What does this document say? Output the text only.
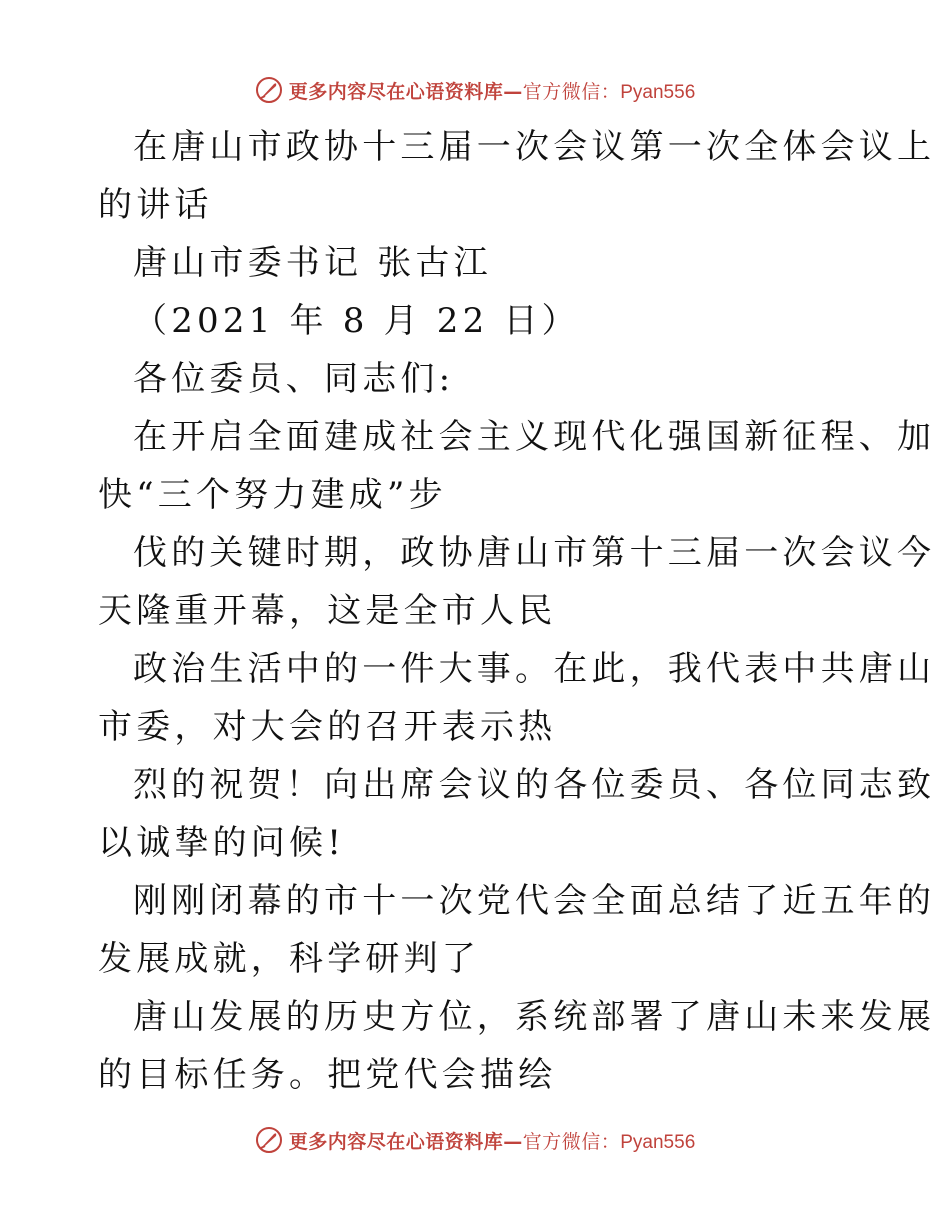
更多内容尽在心语资料库—官方微信：Pyan556
在唐山市政协十三届一次会议第一次全体会议上
的讲话
唐山市委书记 张古江
（2021 年 8 月 22 日）
各位委员、同志们:
在开启全面建成社会主义现代化强国新征程、加
快“三个努力建成”步
伐的关键时期，政协唐山市第十三届一次会议今
天隆重开幕，这是全市人民
政治生活中的一件大事。在此，我代表中共唐山
市委，对大会的召开表示热
烈的祝贺！向出席会议的各位委员、各位同志致
以诚挚的问候!
刚刚闭幕的市十一次党代会全面总结了近五年的
发展成就，科学研判了
唐山发展的历史方位，系统部署了唐山未来发展
的目标任务。把党代会描绘
更多内容尽在心语资料库—官方微信：Pyan556
